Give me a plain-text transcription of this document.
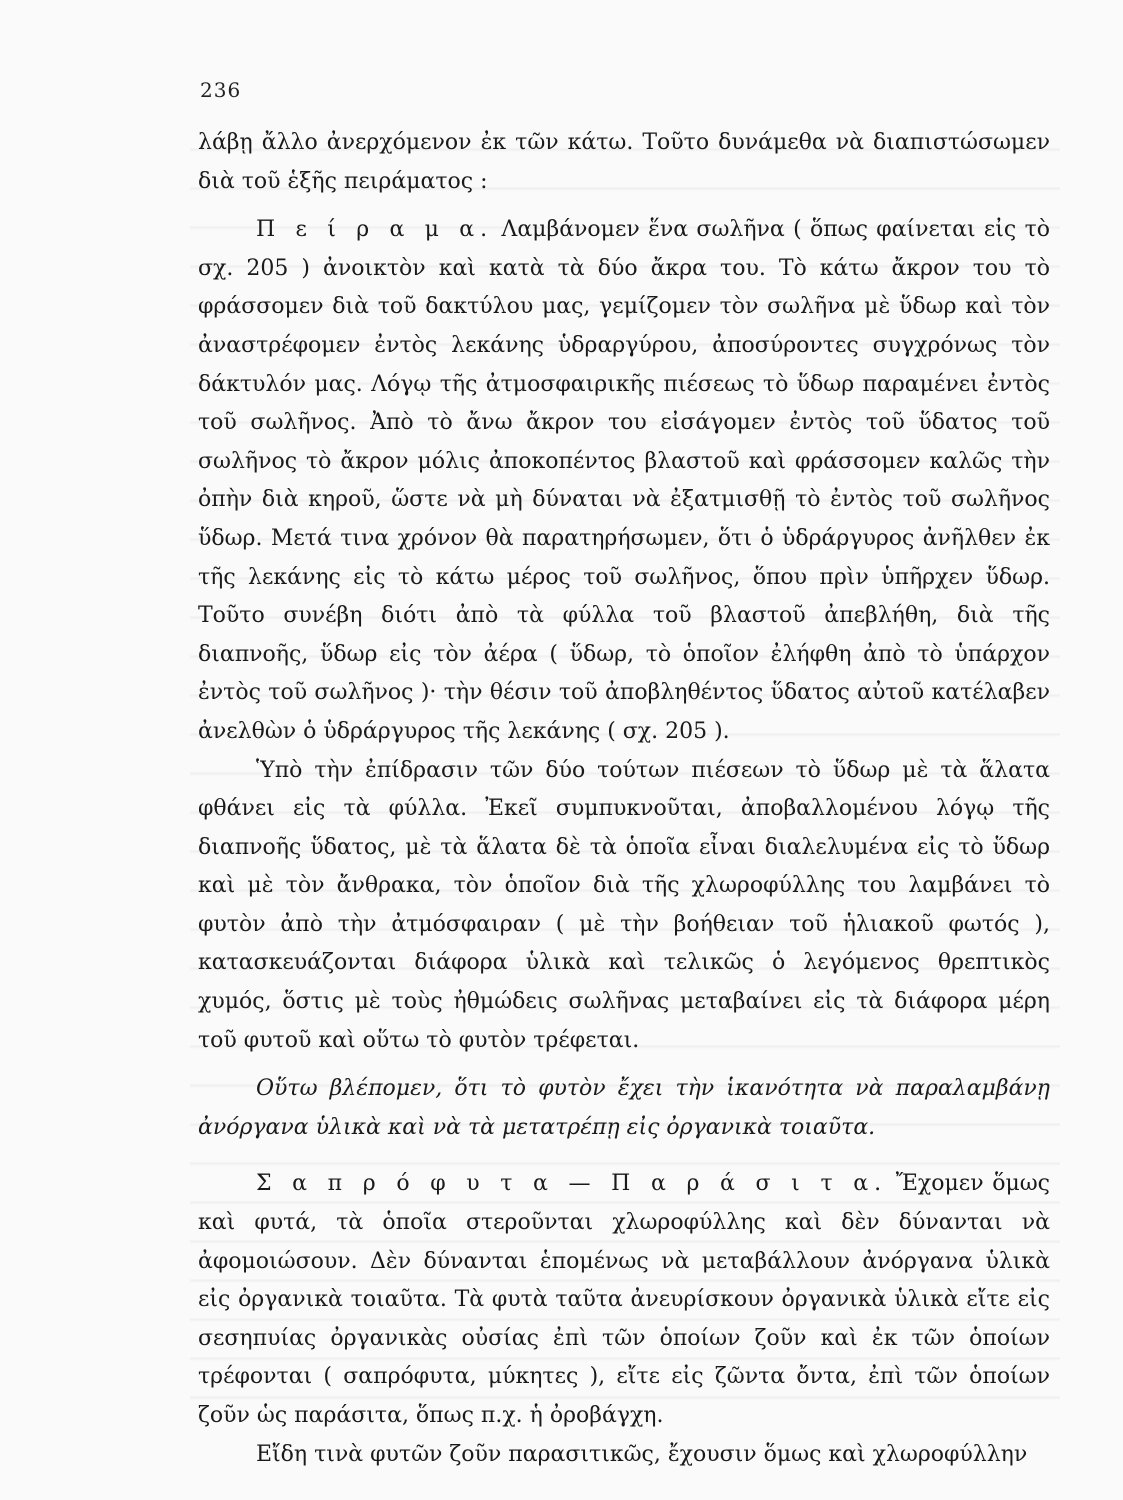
236

λάβῃ ἄλλο ἀνερχόμενον ἐκ τῶν κάτω. Τοῦτο δυνάμεθα νὰ διαπιστώσωμεν διὰ τοῦ ἑξῆς πειράματος :

Π ε ί ρ α μ α. Λαμβάνομεν ἕνα σωλῆνα ( ὅπως φαίνεται εἰς τὸ σχ. 205 ) ἀνοικτὸν καὶ κατὰ τὰ δύο ἄκρα του. Τὸ κάτω ἄκρον του τὸ φράσσομεν διὰ τοῦ δακτύλου μας, γεμίζομεν τὸν σωλῆνα μὲ ὕδωρ καὶ τὸν ἀναστρέφομεν ἐντὸς λεκάνης ὑδραργύρου, ἀποσύροντες συγχρόνως τὸν δάκτυλόν μας. Λόγῳ τῆς ἀτμοσφαιρικῆς πιέσεως τὸ ὕδωρ παραμένει ἐντὸς τοῦ σωλῆνος. Ἀπὸ τὸ ἄνω ἄκρον του εἰσάγομεν ἐντὸς τοῦ ὕδατος τοῦ σωλῆνος τὸ ἄκρον μόλις ἀποκοπέντος βλαστοῦ καὶ φράσσομεν καλῶς τὴν ὀπὴν διὰ κηροῦ, ὥστε νὰ μὴ δύναται νὰ ἐξατμισθῇ τὸ ἐντὸς τοῦ σωλῆνος ὕδωρ. Μετά τινα χρόνον θὰ παρατηρήσωμεν, ὅτι ὁ ὑδράργυρος ἀνῆλθεν ἐκ τῆς λεκάνης εἰς τὸ κάτω μέρος τοῦ σωλῆνος, ὅπου πρὶν ὑπῆρχεν ὕδωρ. Τοῦτο συνέβη διότι ἀπὸ τὰ φύλλα τοῦ βλαστοῦ ἀπεβλήθη, διὰ τῆς διαπνοῆς, ὕδωρ εἰς τὸν ἀέρα ( ὕδωρ, τὸ ὁποῖον ἐλήφθη ἀπὸ τὸ ὑπάρχον ἐντὸς τοῦ σωλῆνος )· τὴν θέσιν τοῦ ἀποβληθέντος ὕδατος αὐτοῦ κατέλαβεν ἀνελθὼν ὁ ὑδράργυρος τῆς λεκάνης ( σχ. 205 ).

Ὑπὸ τὴν ἐπίδρασιν τῶν δύο τούτων πιέσεων τὸ ὕδωρ μὲ τὰ ἅλατα φθάνει εἰς τὰ φύλλα. Ἐκεῖ συμπυκνοῦται, ἀποβαλλομένου λόγῳ τῆς διαπνοῆς ὕδατος, μὲ τὰ ἅλατα δὲ τὰ ὁποῖα εἶναι διαλελυμένα εἰς τὸ ὕδωρ καὶ μὲ τὸν ἄνθρακα, τὸν ὁποῖον διὰ τῆς χλωροφύλλης του λαμβάνει τὸ φυτὸν ἀπὸ τὴν ἀτμόσφαιραν ( μὲ τὴν βοήθειαν τοῦ ἡλιακοῦ φωτός ), κατασκευάζονται διάφορα ὑλικὰ καὶ τελικῶς ὁ λεγόμενος θρεπτικὸς χυμός, ὅστις μὲ τοὺς ἠθμώδεις σωλῆνας μεταβαίνει εἰς τὰ διάφορα μέρη τοῦ φυτοῦ καὶ οὕτω τὸ φυτὸν τρέφεται.

Οὕτω βλέπομεν, ὅτι τὸ φυτὸν ἔχει τὴν ἱκανότητα νὰ παραλαμβάνῃ ἀνόργανα ὑλικὰ καὶ νὰ τὰ μετατρέπῃ εἰς ὀργανικὰ τοιαῦτα.

Σ α π ρ ό φ υ τ α — Π α ρ ά σ ι τ α. Ἔχομεν ὅμως καὶ φυτά, τὰ ὁποῖα στεροῦνται χλωροφύλλης καὶ δὲν δύνανται νὰ ἀφομοιώσουν. Δὲν δύνανται ἑπομένως νὰ μεταβάλλουν ἀνόργανα ὑλικὰ εἰς ὀργανικὰ τοιαῦτα. Τὰ φυτὰ ταῦτα ἀνευρίσκουν ὀργανικὰ ὑλικὰ εἴτε εἰς σεσηπυίας ὀργανικὰς οὐσίας ἐπὶ τῶν ὁποίων ζοῦν καὶ ἐκ τῶν ὁποίων τρέφονται ( σαπρόφυτα, μύκητες ), εἴτε εἰς ζῶντα ὄντα, ἐπὶ τῶν ὁποίων ζοῦν ὡς παράσιτα, ὅπως π.χ. ἡ ὀροβάγχη.

Εἴδη τινὰ φυτῶν ζοῦν παρασιτικῶς, ἔχουσιν ὅμως καὶ χλωροφύλλην
